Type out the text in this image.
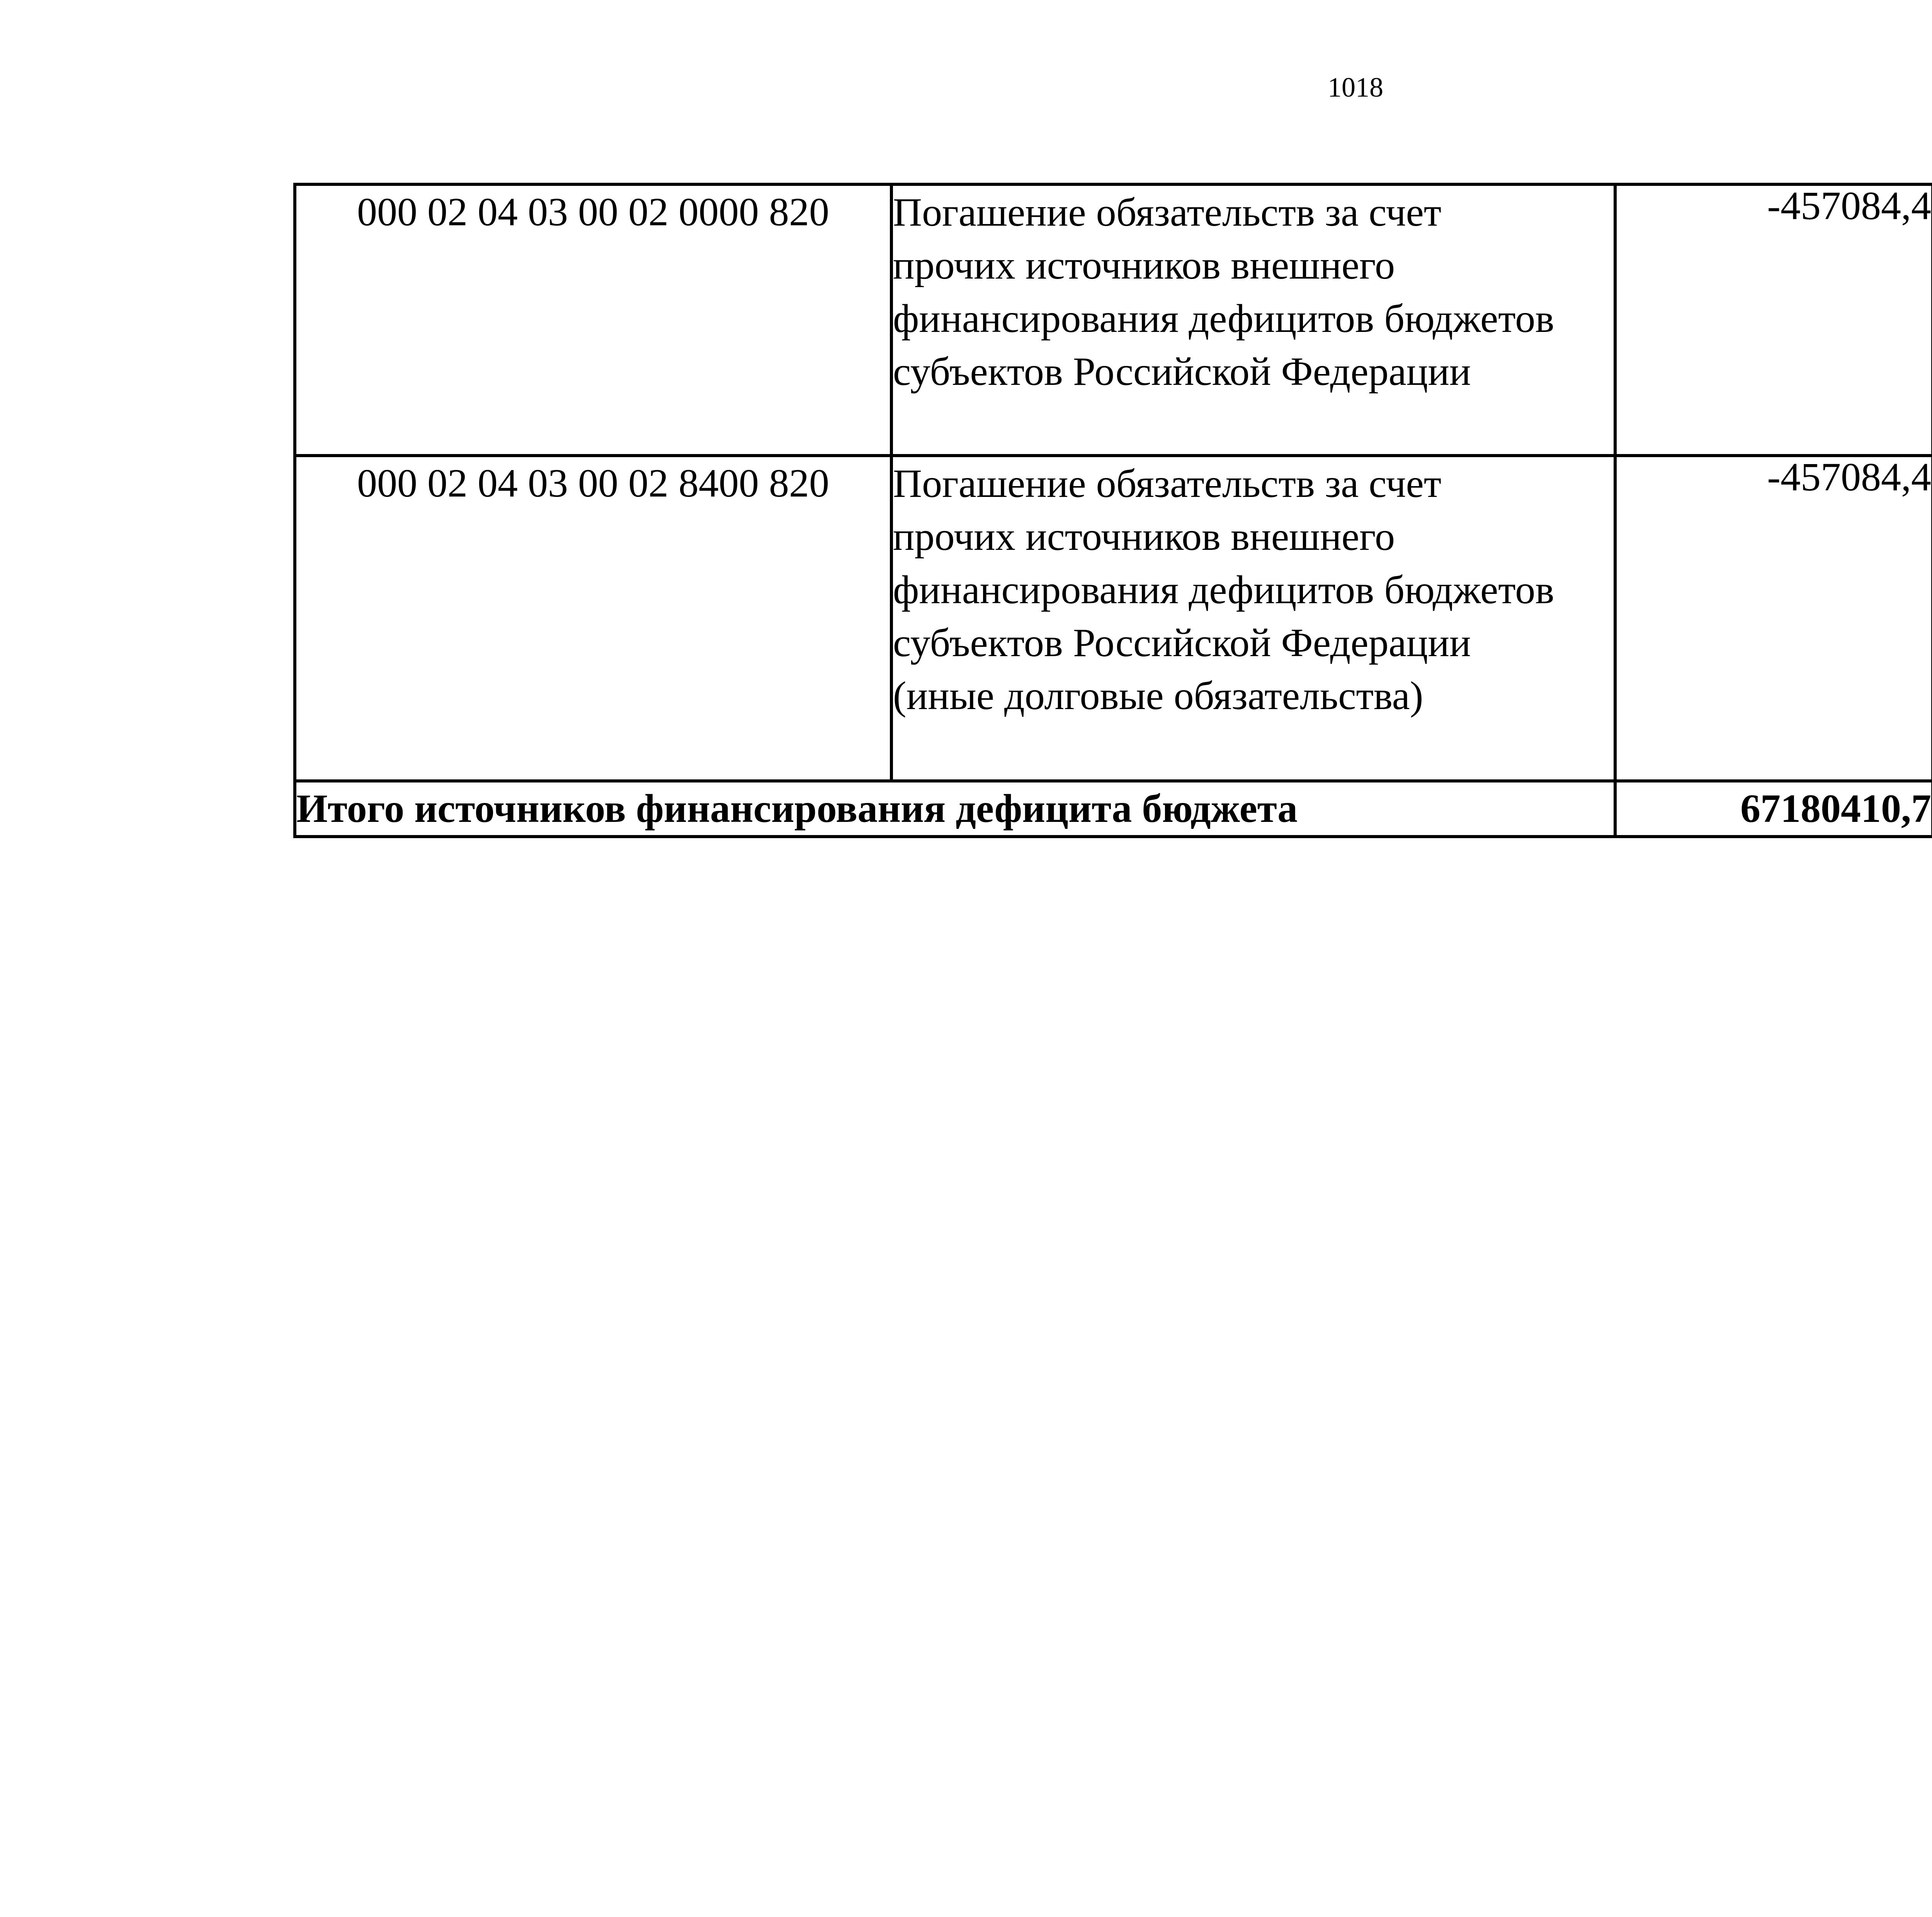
1018
000 02 04 03 00 02 0000 820	Погашение обязательств за счет
прочих источников внешнего
финансирования дефицитов бюджетов
субъектов Российской Федерации	-457084,4		
000 02 04 03 00 02 8400 820	Погашение обязательств за счет
прочих источников внешнего
финансирования дефицитов бюджетов
субъектов Российской Федерации
(иные долговые обязательства)	-457084,4		
Итого источников финансирования дефицита бюджета		67180410,7		
